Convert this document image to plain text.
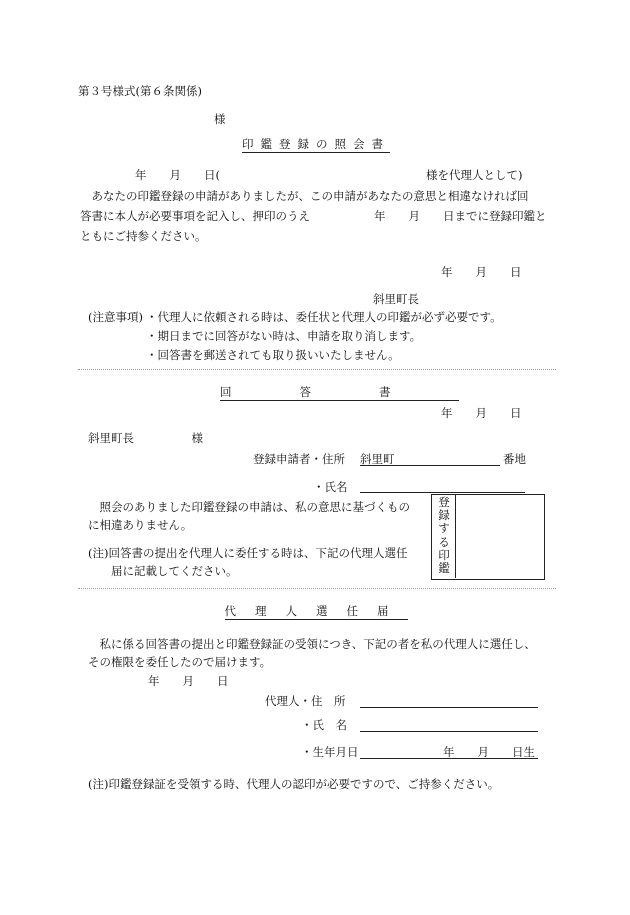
第３号様式(第６条関係)
様
印鑑登録の照会書
年　　月　　日(	様を代理人として)
　あなたの印鑑登録の申請がありましたが、この申請があなたの意思と相違なければ回
答書に本人が必要事項を記入し、押印のうえ	年　　月　　日までに登録印鑑と
ともにご持参ください。
年　　月　　日
斜里町長
(注意事項) ・代理人に依頼される時は、委任状と代理人の印鑑が必ず必要です。
・期日までに回答がない時は、申請を取り消します。
・回答書を郵送されても取り扱いいたしません。
回答書
年　　月　　日
斜里町長　　　　　様
登録申請者・住所 斜里町	番地
・氏名
　照会のありました印鑑登録の申請は、私の意思に基づくもの
に相違ありません。
(注)回答書の提出を代理人に委任する時は、下記の代理人選任
　　届に記載してください。
登録する印鑑
代理人選任届
　私に係る回答書の提出と印鑑登録証の受領につき、下記の者を私の代理人に選任し、
その権限を委任したので届けます。
年　　月　　日
代理人・住　所
・氏　名
・生年月日	年　　月　　日生
(注)印鑑登録証を受領する時、代理人の認印が必要ですので、ご持参ください。
